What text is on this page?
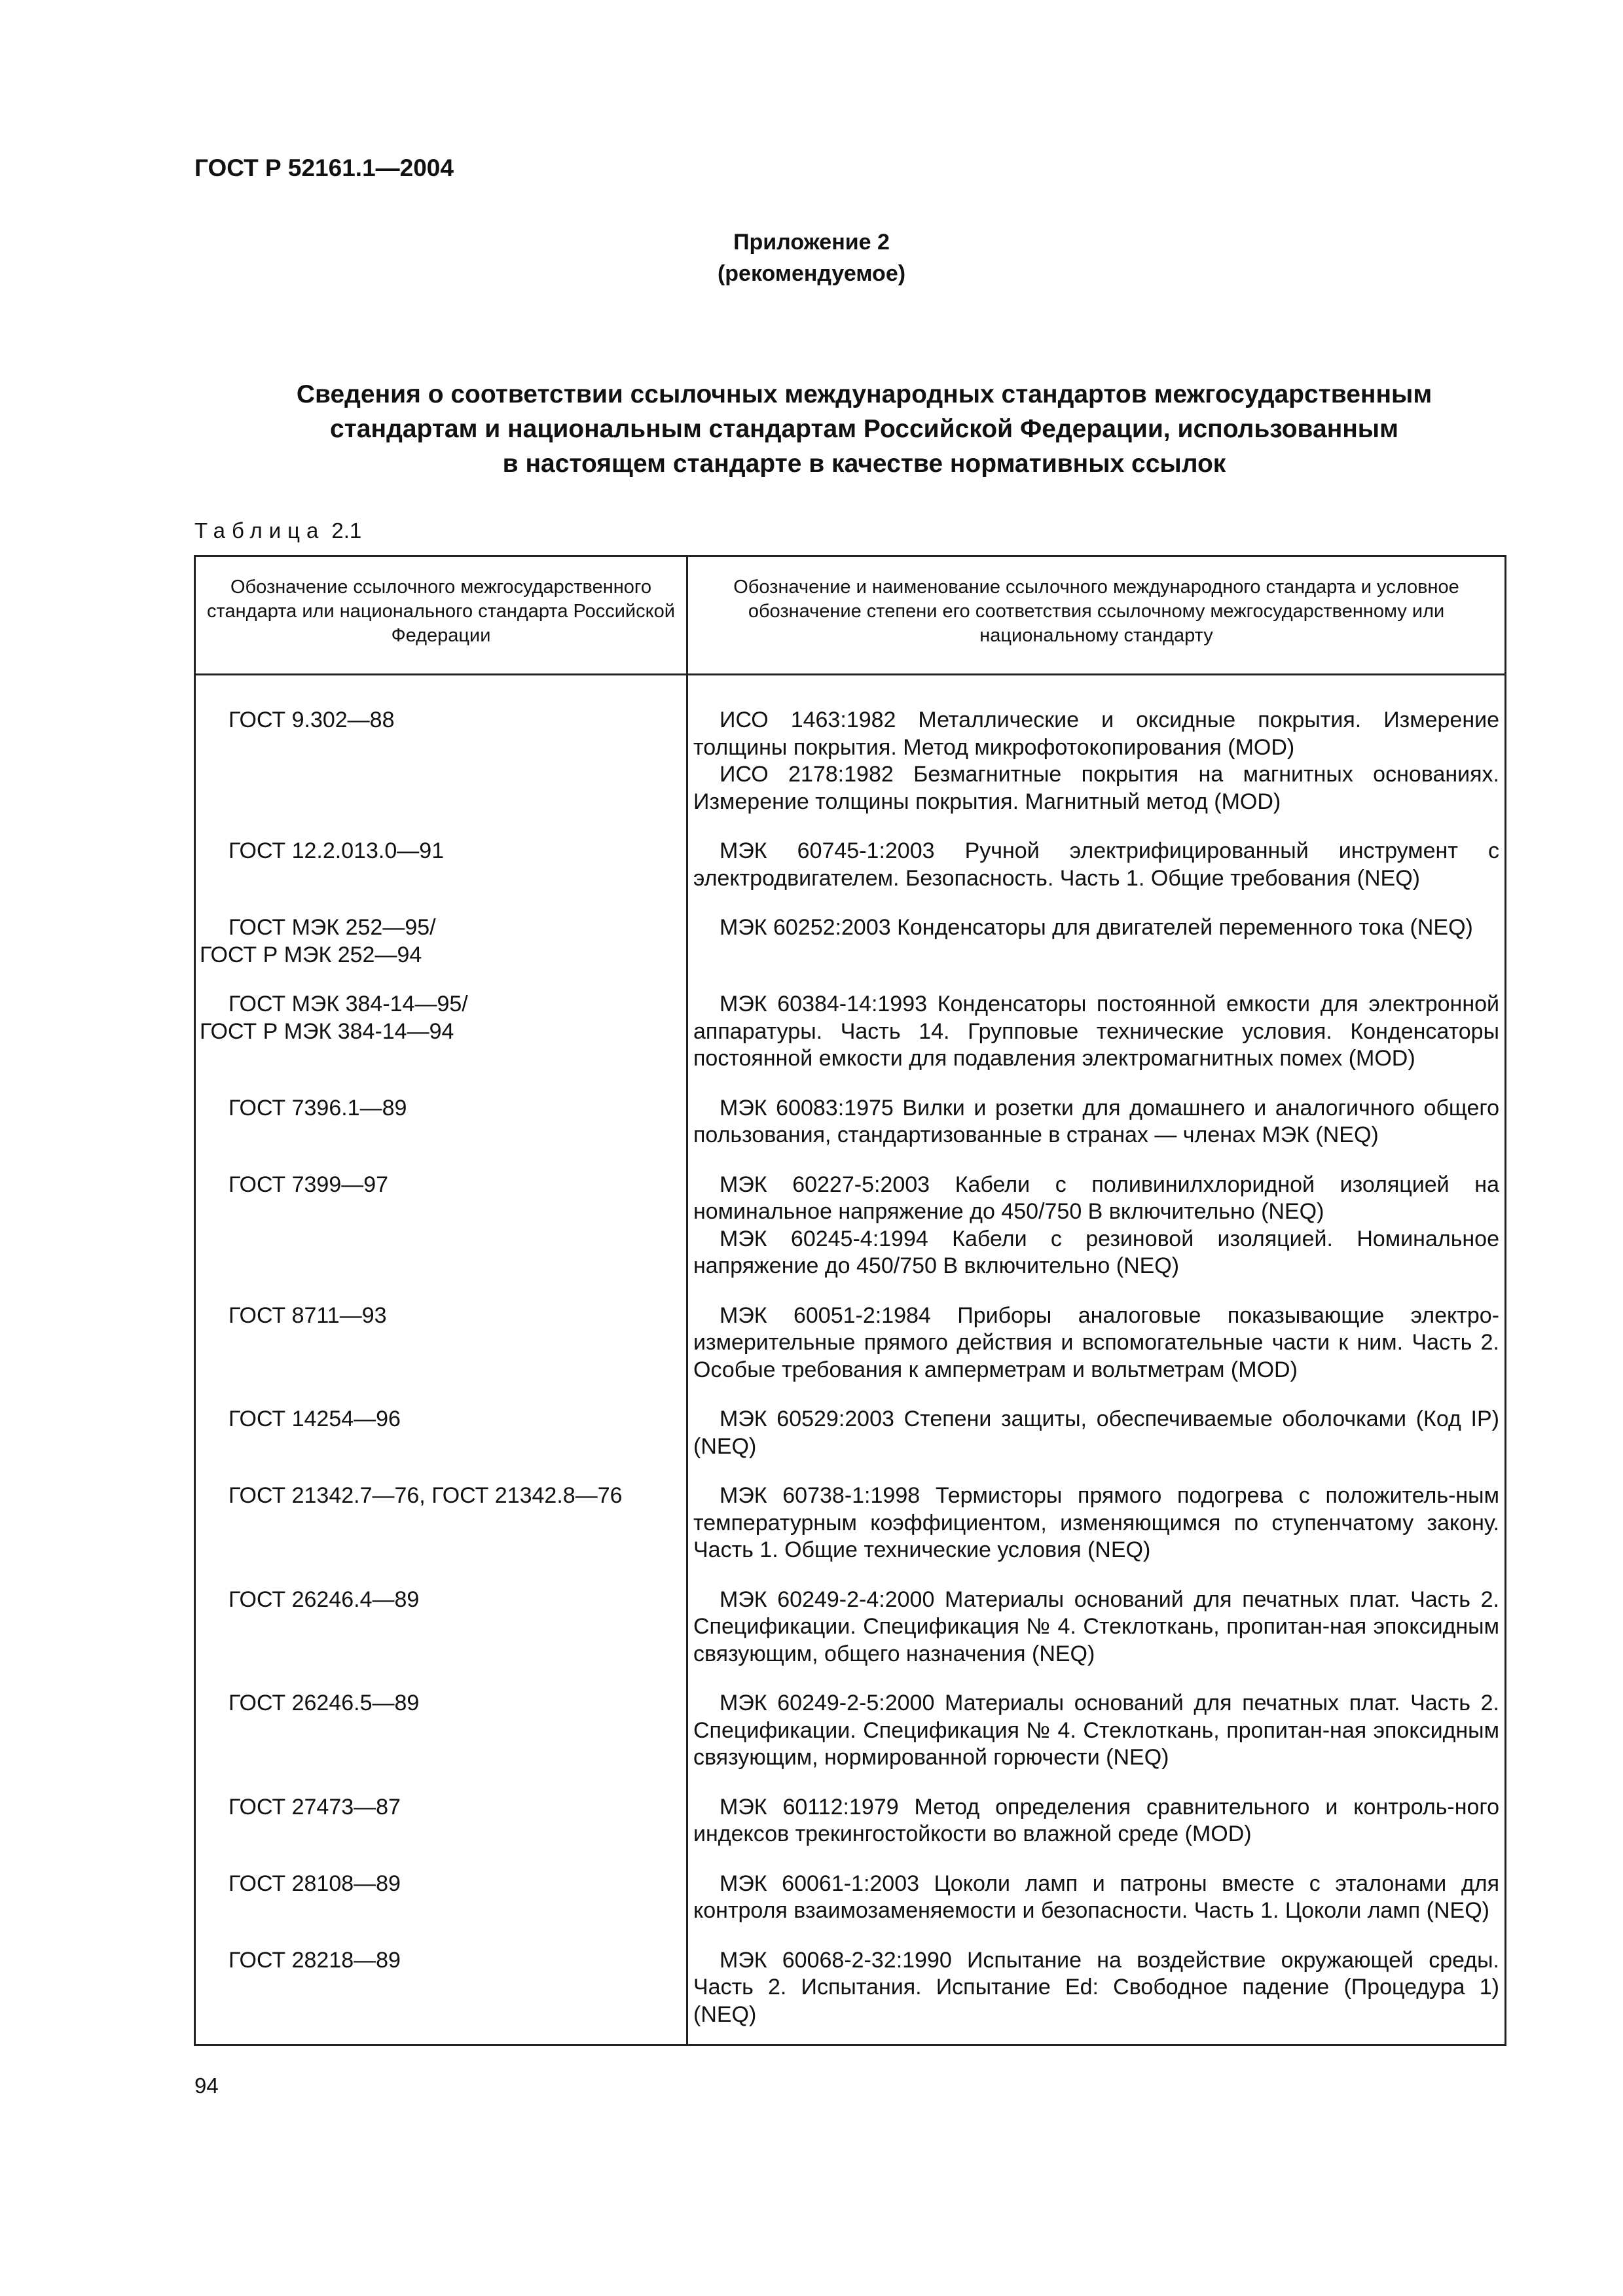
ГОСТ Р 52161.1—2004
Приложение 2
(рекомендуемое)
Сведения о соответствии ссылочных международных стандартов межгосударственным
стандартам и национальным стандартам Российской Федерации, использованным
в настоящем стандарте в качестве нормативных ссылок
Таблица 2.1
Обозначение ссылочного межгосударственного стандарта или национального стандарта Российской Федерации	Обозначение и наименование ссылочного международного стандарта и условное обозначение степени его соответствия ссылочному межгосударственному или национальному стандарту
ГОСТ 9.302—88	ИСО 1463:1982 Металлические и оксидные покрытия. Измерение толщины покрытия. Метод микрофотокопирования (MOD)

ИСО 2178:1982 Безмагнитные покрытия на магнитных основаниях. Измерение толщины покрытия. Магнитный метод (MOD)

ГОСТ 12.2.013.0—91	МЭК 60745-1:2003 Ручной электрифицированный инструмент с электродвигателем. Безопасность. Часть 1. Общие требования (NEQ)

ГОСТ МЭК 252—95/
ГОСТ Р МЭК 252—94	МЭК 60252:2003 Конденсаторы для двигателей переменного тока (NEQ)

ГОСТ МЭК 384-14—95/
ГОСТ Р МЭК 384-14—94	МЭК 60384-14:1993 Конденсаторы постоянной емкости для электронной аппаратуры. Часть 14. Групповые технические условия. Конденсаторы постоянной емкости для подавления электромагнитных помех (MOD)

ГОСТ 7396.1—89	МЭК 60083:1975 Вилки и розетки для домашнего и аналогичного общего пользования, стандартизованные в странах — членах МЭК (NEQ)

ГОСТ 7399—97	МЭК 60227-5:2003 Кабели с поливинилхлоридной изоляцией на номинальное напряжение до 450/750 В включительно (NEQ)

МЭК 60245-4:1994 Кабели с резиновой изоляцией. Номинальное напряжение до 450/750 В включительно (NEQ)

ГОСТ 8711—93	МЭК 60051-2:1984 Приборы аналоговые показывающие электро-измерительные прямого действия и вспомогательные части к ним. Часть 2. Особые требования к амперметрам и вольтметрам (MOD)

ГОСТ 14254—96	МЭК 60529:2003 Степени защиты, обеспечиваемые оболочками (Код IP)(NEQ)

ГОСТ 21342.7—76, ГОСТ 21342.8—76	МЭК 60738-1:1998 Термисторы прямого подогрева с положитель-ным температурным коэффициентом, изменяющимся по ступенчатому закону. Часть 1. Общие технические условия (NEQ)

ГОСТ 26246.4—89	МЭК 60249-2-4:2000 Материалы оснований для печатных плат. Часть 2. Спецификации. Спецификация № 4. Стеклоткань, пропитан-ная эпоксидным связующим, общего назначения (NEQ)

ГОСТ 26246.5—89	МЭК 60249-2-5:2000 Материалы оснований для печатных плат. Часть 2. Спецификации. Спецификация № 4. Стеклоткань, пропитан-ная эпоксидным связующим, нормированной горючести (NEQ)

ГОСТ 27473—87	МЭК 60112:1979 Метод определения сравнительного и контроль-ного индексов трекингостойкости во влажной среде (MOD)

ГОСТ 28108—89	МЭК 60061-1:2003 Цоколи ламп и патроны вместе с эталонами для контроля взаимозаменяемости и безопасности. Часть 1. Цоколи ламп (NEQ)

ГОСТ 28218—89	МЭК 60068-2-32:1990 Испытание на воздействие окружающей среды. Часть 2. Испытания. Испытание Ed: Свободное падение (Процедура 1) (NEQ)

94
